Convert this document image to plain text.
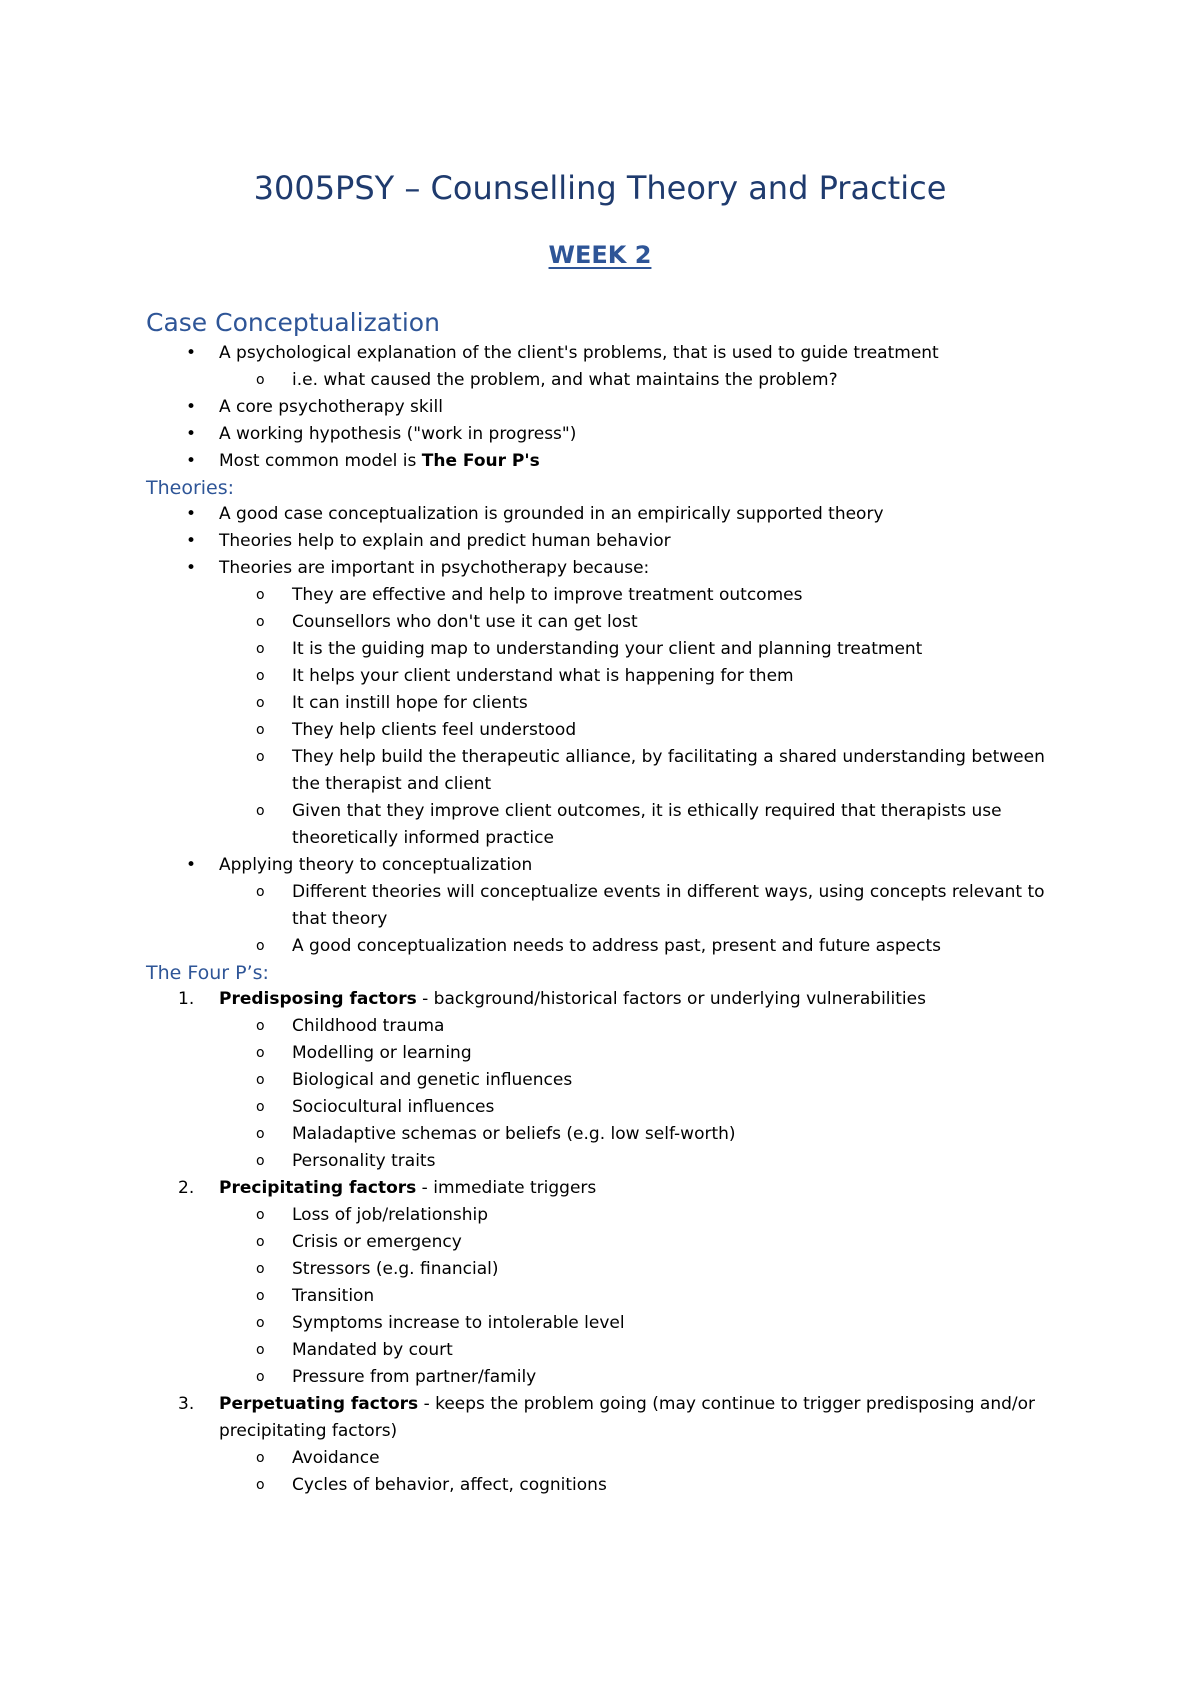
3005PSY – Counselling Theory and Practice
WEEK 2
Case Conceptualization
• A psychological explanation of the client's problems, that is used to guide treatment
o i.e. what caused the problem, and what maintains the problem?
• A core psychotherapy skill
• A working hypothesis ("work in progress")
• Most common model is The Four P's
Theories:
• A good case conceptualization is grounded in an empirically supported theory
• Theories help to explain and predict human behavior
• Theories are important in psychotherapy because:
o They are effective and help to improve treatment outcomes
o Counsellors who don't use it can get lost
o It is the guiding map to understanding your client and planning treatment
o It helps your client understand what is happening for them
o It can instill hope for clients
o They help clients feel understood
o They help build the therapeutic alliance, by facilitating a shared understanding between the therapist and client
o Given that they improve client outcomes, it is ethically required that therapists use theoretically informed practice
• Applying theory to conceptualization
o Different theories will conceptualize events in different ways, using concepts relevant to that theory
o A good conceptualization needs to address past, present and future aspects
The Four P’s:
1. Predisposing factors - background/historical factors or underlying vulnerabilities
o Childhood trauma
o Modelling or learning
o Biological and genetic influences
o Sociocultural influences
o Maladaptive schemas or beliefs (e.g. low self-worth)
o Personality traits
2. Precipitating factors - immediate triggers
o Loss of job/relationship
o Crisis or emergency
o Stressors (e.g. financial)
o Transition
o Symptoms increase to intolerable level
o Mandated by court
o Pressure from partner/family
3. Perpetuating factors - keeps the problem going (may continue to trigger predisposing and/or precipitating factors)
o Avoidance
o Cycles of behavior, affect, cognitions
